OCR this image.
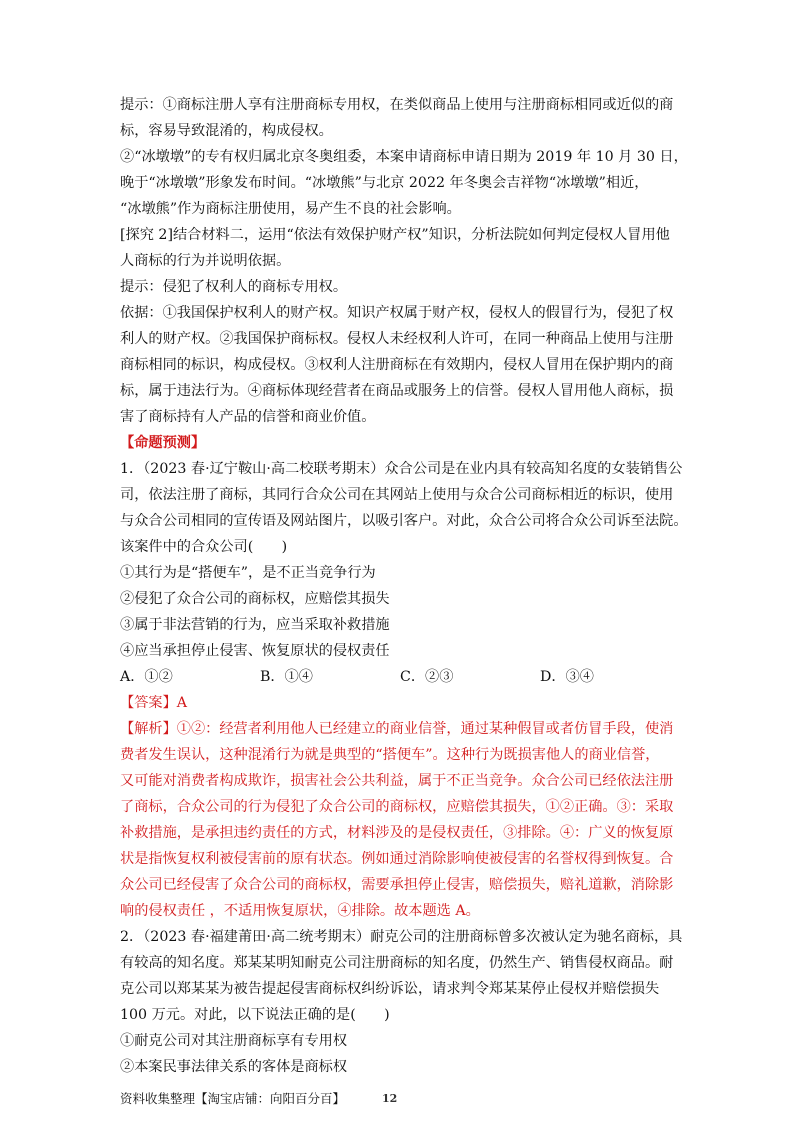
提示：①商标注册人享有注册商标专用权，在类似商品上使用与注册商标相同或近似的商
标，容易导致混淆的，构成侵权。
②“冰墩墩”的专有权归属北京冬奥组委，本案申请商标申请日期为 2019 年 10 月 30 日，
晚于“冰墩墩”形象发布时间。“冰墩熊”与北京 2022 年冬奥会吉祥物“冰墩墩”相近，
“冰墩熊”作为商标注册使用，易产生不良的社会影响。
[探究 2]结合材料二，运用“依法有效保护财产权”知识，分析法院如何判定侵权人冒用他
人商标的行为并说明依据。
提示：侵犯了权利人的商标专用权。
依据：①我国保护权利人的财产权。知识产权属于财产权，侵权人的假冒行为，侵犯了权
利人的财产权。②我国保护商标权。侵权人未经权利人许可，在同一种商品上使用与注册
商标相同的标识，构成侵权。③权利人注册商标在有效期内，侵权人冒用在保护期内的商
标，属于违法行为。④商标体现经营者在商品或服务上的信誉。侵权人冒用他人商标，损
害了商标持有人产品的信誉和商业价值。
【命题预测】
1．（2023 春·辽宁鞍山·高二校联考期末）众合公司是在业内具有较高知名度的女装销售公
司，依法注册了商标，其同行合众公司在其网站上使用与众合公司商标相近的标识，使用
与众合公司相同的宣传语及网站图片，以吸引客户。对此，众合公司将合众公司诉至法院。
该案件中的合众公司(　　)
①其行为是“搭便车”，是不正当竞争行为
②侵犯了众合公司的商标权，应赔偿其损失
③属于非法营销的行为，应当采取补救措施
④应当承担停止侵害、恢复原状的侵权责任
A．①②	B．①④	C．②③	D．③④
【答案】A
【解析】①②：经营者利用他人已经建立的商业信誉，通过某种假冒或者仿冒手段，使消
费者发生误认，这种混淆行为就是典型的“搭便车”。这种行为既损害他人的商业信誉，
又可能对消费者构成欺诈，损害社会公共利益，属于不正当竞争。众合公司已经依法注册
了商标，合众公司的行为侵犯了众合公司的商标权，应赔偿其损失，①②正确。③：采取
补救措施，是承担违约责任的方式，材料涉及的是侵权责任，③排除。④：广义的恢复原
状是指恢复权利被侵害前的原有状态。例如通过消除影响使被侵害的名誉权得到恢复。合
众公司已经侵害了众合公司的商标权，需要承担停止侵害，赔偿损失，赔礼道歉，消除影
响的侵权责任 ，不适用恢复原状，④排除。故本题选 A。
2．（2023 春·福建莆田·高二统考期末）耐克公司的注册商标曾多次被认定为驰名商标，具
有较高的知名度。郑某某明知耐克公司注册商标的知名度，仍然生产、销售侵权商品。耐
克公司以郑某某为被告提起侵害商标权纠纷诉讼，请求判令郑某某停止侵权并赔偿损失
100 万元。对此，以下说法正确的是(　　)
①耐克公司对其注册商标享有专用权
②本案民事法律关系的客体是商标权
资料收集整理【淘宝店铺：向阳百分百】	12
